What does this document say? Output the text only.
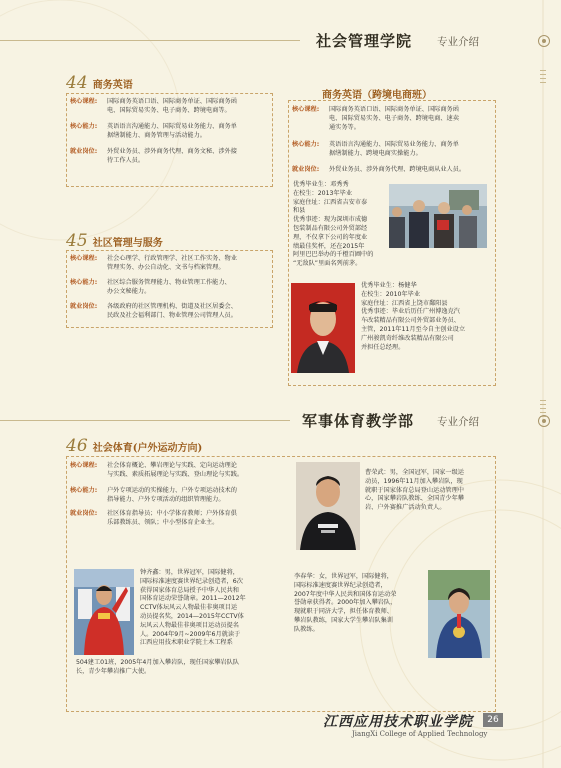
社会管理学院 专业介绍
44 商务英语
核心课程: 国际商务英语口语、国际商务单证、国际商务函
电、国际贸易实务、电子商务、跨境电商等。
核心能力: 英语语言沟通能力、国际贸易业务能力、商务单
据缮制能力、商务管理与活动能力。
就业岗位: 外贸业务员、涉外商务代理、商务文秘、涉外接
待工作人员。
商务英语（跨境电商班）
核心课程: 国际商务英语口语、国际商务单证、国际商务函
电、国际贸易实务、电子商务、跨境电商、速卖
通实务等。
核心能力: 英语语言沟通能力、国际贸易业务能力、商务单
据缮制能力、跨境电商实操能力。
就业岗位: 外贸业务员、涉外商务代理、跨境电商从业人员。
优秀毕业生：邓秀秀
在校生：2013年毕业
家庭住址：江西省吉安市泰
和县
优秀事迹：现为深圳市成德
包装制品有限公司外贸部经
理，不仅拿下公司的年度业
绩最佳奖杯，还在2015年
阿里巴巴举办的千橙百圃中的
“无敌队”里面名列前茅。
优秀毕业生：杨健华
在校生：2010年毕业
家庭住址：江西省上饶市鄱阳县
优秀事迹：毕业后历任广州博逸克汽
车改装精品有限公司外贸部业务员、
主管，2011年11月至今自主创业设立
广州骏凯奇纤维改装精品有限公司
并担任总经理。
45 社区管理与服务
核心课程: 社会心理学、行政管理学、社区工作实务、物业
管理实务、办公自动化、文书与档案管理。
核心能力: 社区综合服务管理能力、物业管理工作能力、
办公文秘能力。
就业岗位: 各级政府的社区管理机构、街道及社区居委会、
民政及社会福利部门、物业管理公司管理人员。
军事体育教学部 专业介绍
46 社会体育(户外运动方向)
核心课程: 社会体育概论、攀岩理论与实践、定向运动理论
与实践、素质拓展理论与实践、登山理论与实践。
核心能力: 户外专项运动的实操能力、户外专项运动技术的
指导能力、户外专项活动的组织管理能力。
就业岗位: 社区体育指导员；中小学体育教师；户外体育俱
乐部教练员、领队；中小型体育企业主。
曹荣武：男，全国冠军，国家一级运
动员，1996年11月加入攀岩队，现
就职于国家体育总局登山运动管理中
心，国家攀岩队教练、全国青少年攀
岩、户外赛推广活动负责人。
钟齐鑫：男，世界冠军，国际健将，
国际标准速度赛世界纪录创造者，6次
获得国家体育总局授予中华人民共和
国体育运动荣誉勋章。2011—2012年
CCTV体坛风云人物最佳非奥项目运
动员提名奖，2014—2015年CCTV体
坛风云人物最佳非奥项目运动员提名
人。2004年9月~2009年6月就读于
江西应用技术职业学院土木工程系
504建工01班，2005年4月加入攀岩队，现任国家攀岩队队
长，青少年攀岩推广大使。
李春华：女，世界冠军，国际健将，
国际标准速度赛世界纪录创造者，
2007年度中华人民共和国体育运动荣
誉勋章获得者。2000年加入攀岩队，
现就职于同济大学，担任体育教师、
攀岩队教练，国家大学生攀岩队集训
队教练。
江西应用技术职业学院
JiangXi College of Applied Technology
26
